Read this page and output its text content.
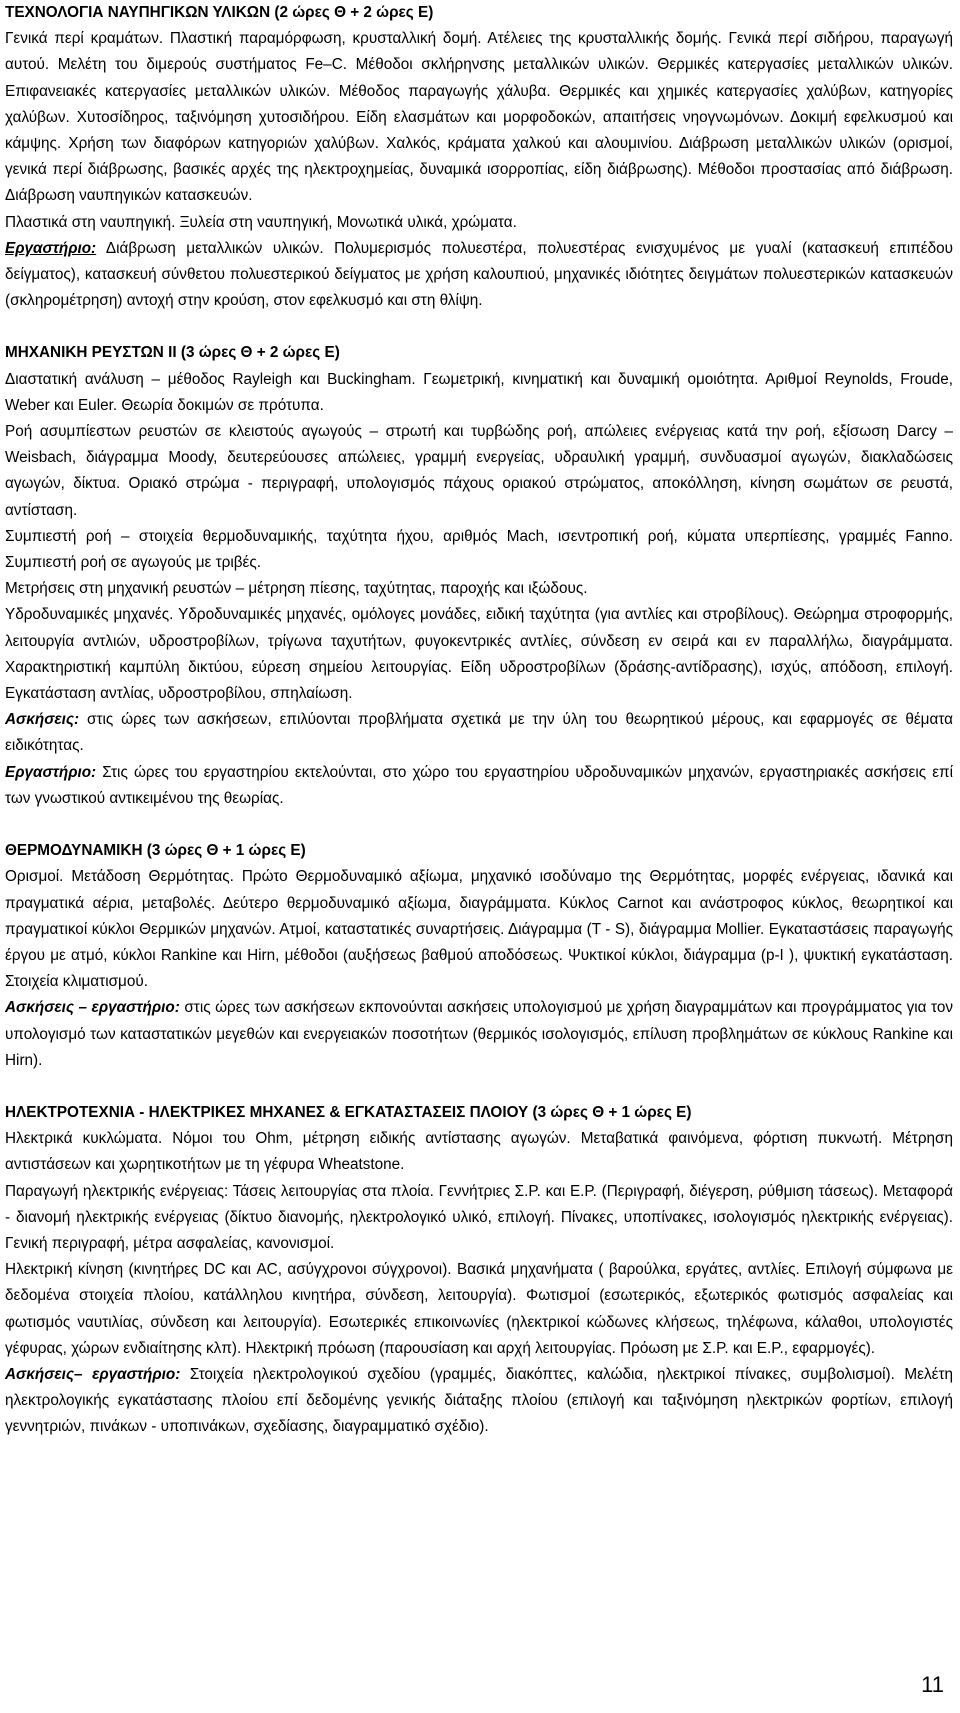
ΤΕΧΝΟΛΟΓΙΑ ΝΑΥΠΗΓΙΚΩΝ ΥΛΙΚΩΝ (2 ώρες Θ + 2 ώρες Ε)

Γενικά περί κραμάτων. Πλαστική παραμόρφωση, κρυσταλλική δομή. Ατέλειες της κρυσταλλικής δομής. Γενικά περί σιδήρου, παραγωγή αυτού. Μελέτη του διμερούς συστήματος Fe–C. Μέθοδοι σκλήρηνσης μεταλλικών υλικών. Θερμικές κατεργασίες μεταλλικών υλικών. Επιφανειακές κατεργασίες μεταλλικών υλικών. Μέθοδος παραγωγής χάλυβα. Θερμικές και χημικές κατεργασίες χαλύβων, κατηγορίες χαλύβων. Χυτοσίδηρος, ταξινόμηση χυτοσιδήρου. Είδη ελασμάτων και μορφοδοκών, απαιτήσεις νηογνωμόνων. Δοκιμή εφελκυσμού και κάμψης. Χρήση των διαφόρων κατηγοριών χαλύβων. Χαλκός, κράματα χαλκού και αλουμινίου. Διάβρωση μεταλλικών υλικών (ορισμοί, γενικά περί διάβρωσης, βασικές αρχές της ηλεκτροχημείας, δυναμικά ισορροπίας, είδη διάβρωσης). Μέθοδοι προστασίας από διάβρωση. Διάβρωση ναυπηγικών κατασκευών.

Πλαστικά στη ναυπηγική. Ξυλεία στη ναυπηγική, Μονωτικά υλικά, χρώματα.

Εργαστήριο: Διάβρωση μεταλλικών υλικών. Πολυμερισμός πολυεστέρα, πολυεστέρας ενισχυμένος με γυαλί (κατασκευή επιπέδου δείγματος), κατασκευή σύνθετου πολυεστερικού δείγματος με χρήση καλουπιού, μηχανικές ιδιότητες δειγμάτων πολυεστερικών κατασκευών (σκληρομέτρηση) αντοχή στην κρούση, στον εφελκυσμό και στη θλίψη.

ΜΗΧΑΝΙΚΗ ΡΕΥΣΤΩΝ ΙΙ (3 ώρες Θ + 2 ώρες Ε)

Διαστατική ανάλυση – μέθοδος Rayleigh και Buckingham. Γεωμετρική, κινηματική και δυναμική ομοιότητα. Αριθμοί Reynolds, Froude, Weber και Euler. Θεωρία δοκιμών σε πρότυπα.

Ροή ασυμπίεστων ρευστών σε κλειστούς αγωγούς – στρωτή και τυρβώδης ροή, απώλειες ενέργειας κατά την ροή, εξίσωση Darcy – Weisbach, διάγραμμα Moody, δευτερεύουσες απώλειες, γραμμή ενεργείας, υδραυλική γραμμή, συνδυασμοί αγωγών, διακλαδώσεις αγωγών, δίκτυα. Οριακό στρώμα - περιγραφή, υπολογισμός πάχους οριακού στρώματος, αποκόλληση, κίνηση σωμάτων σε ρευστά, αντίσταση.

Συμπιεστή ροή – στοιχεία θερμοδυναμικής, ταχύτητα ήχου, αριθμός Mach, ισεντροπική ροή, κύματα υπερπίεσης, γραμμές Fanno. Συμπιεστή ροή σε αγωγούς με τριβές.

Μετρήσεις στη μηχανική ρευστών – μέτρηση πίεσης, ταχύτητας, παροχής και ιξώδους.

Υδροδυναμικές μηχανές. Υδροδυναμικές μηχανές, ομόλογες μονάδες, ειδική ταχύτητα (για αντλίες και στροβίλους). Θεώρημα στροφορμής, λειτουργία αντλιών, υδροστροβίλων, τρίγωνα ταχυτήτων, φυγοκεντρικές αντλίες, σύνδεση εν σειρά και εν παραλλήλω, διαγράμματα. Χαρακτηριστική καμπύλη δικτύου, εύρεση σημείου λειτουργίας. Είδη υδροστροβίλων (δράσης-αντίδρασης), ισχύς, απόδοση, επιλογή. Εγκατάσταση αντλίας, υδροστροβίλου, σπηλαίωση.

Ασκήσεις: στις ώρες των ασκήσεων, επιλύονται προβλήματα σχετικά με την ύλη του θεωρητικού μέρους, και εφαρμογές σε θέματα ειδικότητας.

Εργαστήριο: Στις ώρες του εργαστηρίου εκτελούνται, στο χώρο του εργαστηρίου υδροδυναμικών μηχανών, εργαστηριακές ασκήσεις επί των γνωστικού αντικειμένου της θεωρίας.

ΘΕΡΜΟΔΥΝΑΜΙΚΗ (3 ώρες Θ + 1 ώρες Ε)

Ορισμοί. Μετάδοση Θερμότητας. Πρώτο Θερμοδυναμικό αξίωμα, μηχανικό ισοδύναμο της Θερμότητας, μορφές ενέργειας, ιδανικά και πραγματικά αέρια, μεταβολές. Δεύτερο θερμοδυναμικό αξίωμα, διαγράμματα. Κύκλος Carnot και ανάστροφος κύκλος, θεωρητικοί και πραγματικοί κύκλοι Θερμικών μηχανών. Ατμοί, καταστατικές συναρτήσεις. Διάγραμμα (T - S), διάγραμμα Mollier. Εγκαταστάσεις παραγωγής έργου με ατμό, κύκλοι Rankine και Hirn, μέθοδοι (αυξήσεως βαθμού αποδόσεως. Ψυκτικοί κύκλοι, διάγραμμα (p-I ), ψυκτική εγκατάσταση. Στοιχεία κλιματισμού.

Ασκήσεις – εργαστήριο: στις ώρες των ασκήσεων εκπονούνται ασκήσεις υπολογισμού με χρήση διαγραμμάτων και προγράμματος για τον υπολογισμό των καταστατικών μεγεθών και ενεργειακών ποσοτήτων (θερμικός ισολογισμός, επίλυση προβλημάτων σε κύκλους Rankine και Hirn).

ΗΛΕΚΤΡΟΤΕΧΝΙΑ - ΗΛΕΚΤΡΙΚΕΣ ΜΗΧΑΝΕΣ & ΕΓΚΑΤΑΣΤΑΣΕΙΣ ΠΛΟΙΟΥ (3 ώρες Θ + 1 ώρες Ε)

Ηλεκτρικά κυκλώματα. Νόμοι του Ohm, μέτρηση ειδικής αντίστασης αγωγών. Μεταβατικά φαινόμενα, φόρτιση πυκνωτή. Μέτρηση αντιστάσεων και χωρητικοτήτων με τη γέφυρα Wheatstone.

Παραγωγή ηλεκτρικής ενέργειας: Τάσεις λειτουργίας στα πλοία. Γεννήτριες Σ.Ρ. και Ε.Ρ. (Περιγραφή, διέγερση, ρύθμιση τάσεως). Μεταφορά - διανομή ηλεκτρικής ενέργειας (δίκτυο διανομής, ηλεκτρολογικό υλικό, επιλογή. Πίνακες, υποπίνακες, ισολογισμός ηλεκτρικής ενέργειας). Γενική περιγραφή, μέτρα ασφαλείας, κανονισμοί.

Ηλεκτρική κίνηση (κινητήρες DC και AC, ασύγχρονοι σύγχρονοι). Βασικά μηχανήματα ( βαρούλκα, εργάτες, αντλίες. Επιλογή σύμφωνα με δεδομένα στοιχεία πλοίου, κατάλληλου κινητήρα, σύνδεση, λειτουργία). Φωτισμοί (εσωτερικός, εξωτερικός φωτισμός ασφαλείας και φωτισμός ναυτιλίας, σύνδεση και λειτουργία). Εσωτερικές επικοινωνίες (ηλεκτρικοί κώδωνες κλήσεως, τηλέφωνα, κάλαθοι, υπολογιστές γέφυρας, χώρων ενδιαίτησης κλπ). Ηλεκτρική πρόωση (παρουσίαση και αρχή λειτουργίας. Πρόωση με Σ.Ρ. και Ε.Ρ., εφαρμογές).

Ασκήσεις– εργαστήριο: Στοιχεία ηλεκτρολογικού σχεδίου (γραμμές, διακόπτες, καλώδια, ηλεκτρικοί πίνακες, συμβολισμοί). Μελέτη ηλεκτρολογικής εγκατάστασης πλοίου επί δεδομένης γενικής διάταξης πλοίου (επιλογή και ταξινόμηση ηλεκτρικών φορτίων, επιλογή γεννητριών, πινάκων - υποπινάκων, σχεδίασης, διαγραμματικό σχέδιο).

11
